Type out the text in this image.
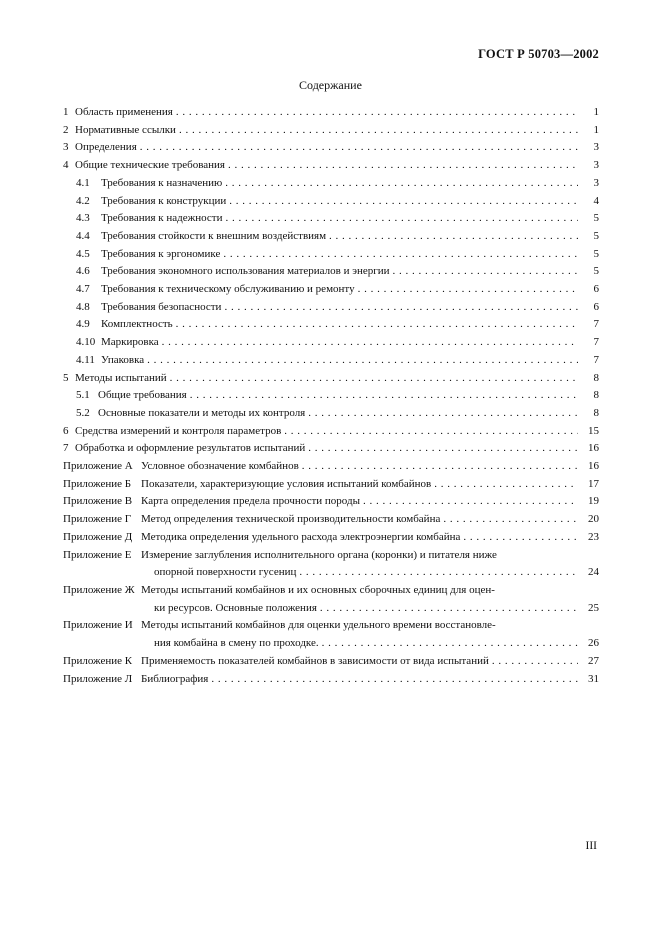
ГОСТ Р 50703—2002
Содержание
1 Область применения . . .	1
2 Нормативные ссылки . . .	1
3 Определения . . .	3
4 Общие технические требования . . .	3
4.1	Требования к назначению . . .	3
4.2	Требования к конструкции . . .	4
4.3	Требования к надежности . . .	5
4.4	Требования стойкости к внешним воздействиям . . .	5
4.5	Требования к эргономике . . .	5
4.6	Требования экономного использования материалов и энергии . . .	5
4.7	Требования к техническому обслуживанию и ремонту . . .	6
4.8	Требования безопасности . . .	6
4.9	Комплектность . . .	7
4.10 Маркировка . . .	7
4.11 Упаковка . . .	7
5 Методы испытаний . . .	8
5.1 Общие требования . . .	8
5.2 Основные показатели и методы их контроля . . .	8
6 Средства измерений и контроля параметров . . .	15
7 Обработка и оформление результатов испытаний . . .	16
Приложение А Условное обозначение комбайнов . . .	16
Приложение Б Показатели, характеризующие условия испытаний комбайнов . . .	17
Приложение В Карта определения предела прочности породы . . .	19
Приложение Г Метод определения технической производительности комбайна . . .	20
Приложение Д Методика определения удельного расхода электроэнергии комбайна . . .	23
Приложение Е Измерение заглубления исполнительного органа (коронки) и питателя ниже
опорной поверхности гусениц . . .	24
Приложение Ж Методы испытаний комбайнов и их основных сборочных единиц для оцен-
ки ресурсов. Основные положения . . .	25
Приложение И Методы испытаний комбайнов для оценки удельного времени восстановле-
ния комбайна в смену по проходке. . . .	26
Приложение К Применяемость показателей комбайнов в зависимости от вида испытаний . . .	27
Приложение Л Библиография . . .	31
III
